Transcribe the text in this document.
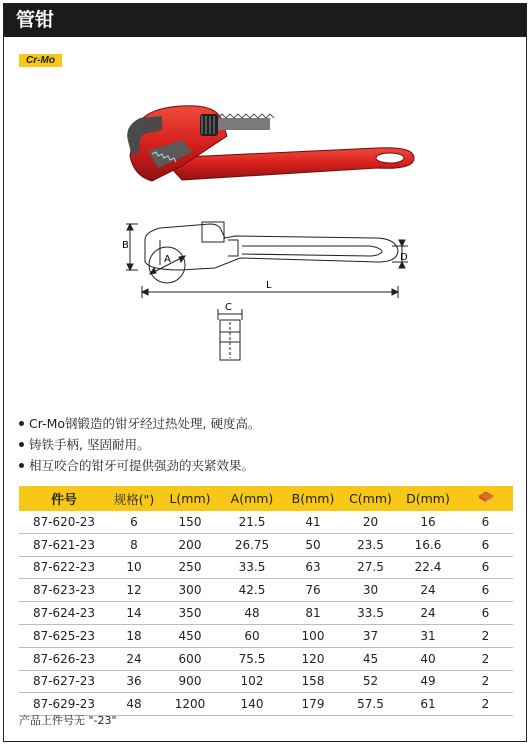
管钳
Cr-Mo
B
A	D
L
C
Cr-Mo钢锻造的钳牙经过热处理, 硬度高。
铸铁手柄, 坚固耐用。
相互咬合的钳牙可提供强劲的夹紧效果。
件号	规格(")	L(mm)	A(mm)	B(mm)	C(mm)	D(mm)	
87-620-23	6	150	21.5	41	20	16	6
87-621-23	8	200	26.75	50	23.5	16.6	6
87-622-23	10	250	33.5	63	27.5	22.4	6
87-623-23	12	300	42.5	76	30	24	6
87-624-23	14	350	48	81	33.5	24	6
87-625-23	18	450	60	100	37	31	2
87-626-23	24	600	75.5	120	45	40	2
87-627-23	36	900	102	158	52	49	2
87-629-23	48	1200	140	179	57.5	61	2
产品上件号无 "-23"
